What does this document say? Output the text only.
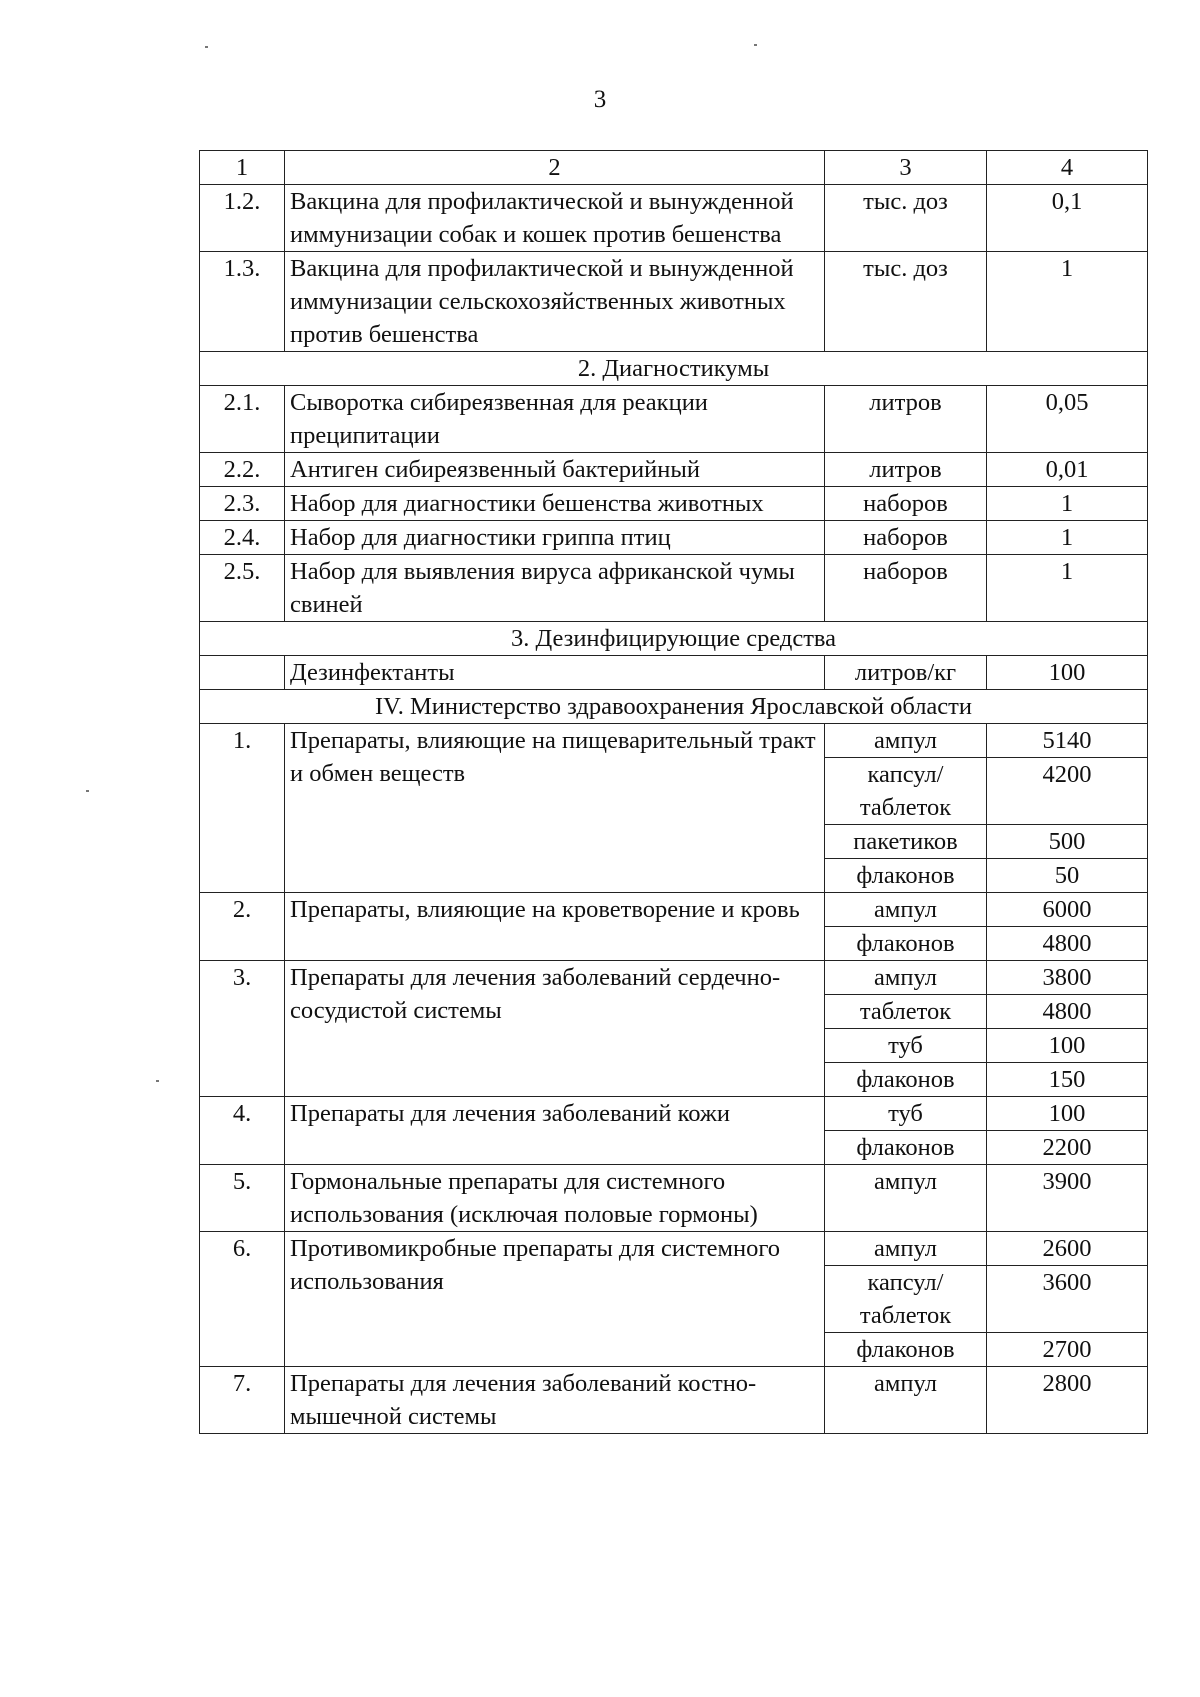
3
1	2	3	4
1.2.	Вакцина для профилактической и вынужденной иммунизации собак и кошек против бешенства	тыс. доз	0,1
1.3.	Вакцина для профилактической и вынужденной иммунизации сельскохозяйственных животных против бешенства	тыс. доз	1
2. Диагностикумы			
2.1.	Сыворотка сибиреязвенная для реакции преципитации	литров	0,05
2.2.	Антиген сибиреязвенный бактерийный	литров	0,01
2.3.	Набор для диагностики бешенства животных	наборов	1
2.4.	Набор для диагностики гриппа птиц	наборов	1
2.5.	Набор для выявления вируса африканской чумы свиней	наборов	1
3. Дезинфицирующие средства			
	Дезинфектанты	литров/кг	100
IV. Министерство здравоохранения Ярославской области			
1.	Препараты, влияющие на пищеварительный тракт и обмен веществ	ампул	5140
		капсул/ таблеток	4200
		пакетиков	500
		флаконов	50
2.	Препараты, влияющие на кроветворение и кровь	ампул	6000
		флаконов	4800
3.	Препараты для лечения заболеваний сердечно-сосудистой системы	ампул	3800
		таблеток	4800
		туб	100
		флаконов	150
4.	Препараты для лечения заболеваний кожи	туб	100
		флаконов	2200
5.	Гормональные препараты для системного использования (исключая половые гормоны)	ампул	3900
6.	Противомикробные препараты для системного использования	ампул	2600
		капсул/ таблеток	3600
		флаконов	2700
7.	Препараты для лечения заболеваний костно-мышечной системы	ампул	2800
